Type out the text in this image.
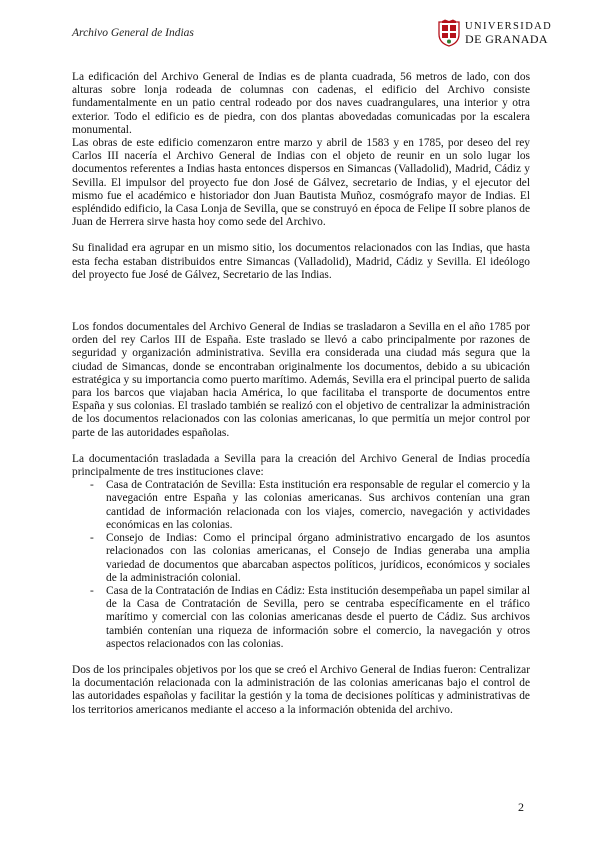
Archivo General de Indias
UNIVERSIDAD
DE GRANADA

La edificación del Archivo General de Indias es de planta cuadrada, 56 metros de lado, con dos alturas sobre lonja rodeada de columnas con cadenas, el edificio del Archivo consiste fundamentalmente en un patio central rodeado por dos naves cuadrangulares, una interior y otra exterior. Todo el edificio es de piedra, con dos plantas abovedadas comunicadas por la escalera monumental.

Las obras de este edificio comenzaron entre marzo y abril de 1583 y en 1785, por deseo del rey Carlos III nacería el Archivo General de Indias con el objeto de reunir en un solo lugar los documentos referentes a Indias hasta entonces dispersos en Simancas (Valladolid), Madrid, Cádiz y Sevilla. El impulsor del proyecto fue don José de Gálvez, secretario de Indias, y el ejecutor del mismo fue el académico e historiador don Juan Bautista Muñoz, cosmógrafo mayor de Indias. El espléndido edificio, la Casa Lonja de Sevilla, que se construyó en época de Felipe II sobre planos de Juan de Herrera sirve hasta hoy como sede del Archivo.

Su finalidad era agrupar en un mismo sitio, los documentos relacionados con las Indias, que hasta esta fecha estaban distribuidos entre Simancas (Valladolid), Madrid, Cádiz y Sevilla. El ideólogo del proyecto fue José de Gálvez, Secretario de las Indias.

Los fondos documentales del Archivo General de Indias se trasladaron a Sevilla en el año 1785 por orden del rey Carlos III de España. Este traslado se llevó a cabo principalmente por razones de seguridad y organización administrativa. Sevilla era considerada una ciudad más segura que la ciudad de Simancas, donde se encontraban originalmente los documentos, debido a su ubicación estratégica y su importancia como puerto marítimo. Además, Sevilla era el principal puerto de salida para los barcos que viajaban hacia América, lo que facilitaba el transporte de documentos entre España y sus colonias. El traslado también se realizó con el objetivo de centralizar la administración de los documentos relacionados con las colonias americanas, lo que permitía un mejor control por parte de las autoridades españolas.

La documentación trasladada a Sevilla para la creación del Archivo General de Indias procedía principalmente de tres instituciones clave:

- Casa de Contratación de Sevilla: Esta institución era responsable de regular el comercio y la navegación entre España y las colonias americanas. Sus archivos contenían una gran cantidad de información relacionada con los viajes, comercio, navegación y actividades económicas en las colonias.
- Consejo de Indias: Como el principal órgano administrativo encargado de los asuntos relacionados con las colonias americanas, el Consejo de Indias generaba una amplia variedad de documentos que abarcaban aspectos políticos, jurídicos, económicos y sociales de la administración colonial.
- Casa de la Contratación de Indias en Cádiz: Esta institución desempeñaba un papel similar al de la Casa de Contratación de Sevilla, pero se centraba específicamente en el tráfico marítimo y comercial con las colonias americanas desde el puerto de Cádiz. Sus archivos también contenían una riqueza de información sobre el comercio, la navegación y otros aspectos relacionados con las colonias.

Dos de los principales objetivos por los que se creó el Archivo General de Indias fueron: Centralizar la documentación relacionada con la administración de las colonias americanas bajo el control de las autoridades españolas y facilitar la gestión y la toma de decisiones políticas y administrativas de los territorios americanos mediante el acceso a la información obtenida del archivo.

2
